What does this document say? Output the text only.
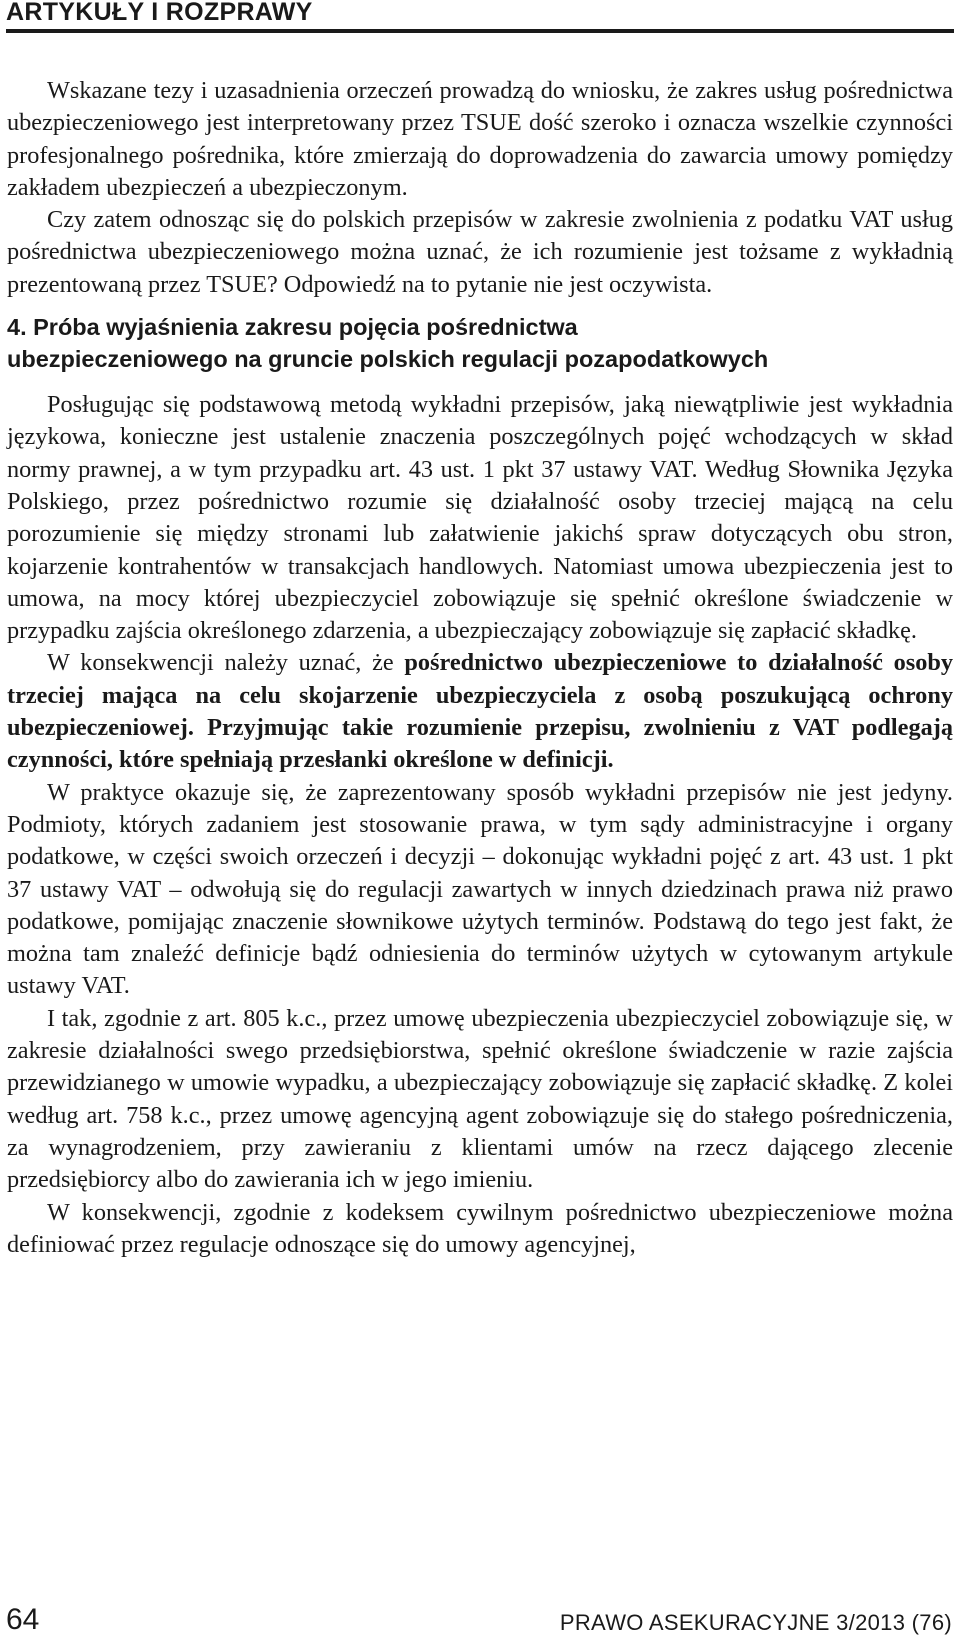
ARTYKUŁY I ROZPRAWY

Wskazane tezy i uzasadnienia orzeczeń prowadzą do wniosku, że zakres usług pośrednictwa ubezpieczeniowego jest interpretowany przez TSUE dość szeroko i oznacza wszelkie czynności profesjonalnego pośrednika, które zmierzają do doprowadzenia do zawarcia umowy pomiędzy zakładem ubezpieczeń a ubezpieczonym.

Czy zatem odnosząc się do polskich przepisów w zakresie zwolnienia z podatku VAT usług pośrednictwa ubezpieczeniowego można uznać, że ich rozumienie jest tożsame z wykładnią prezentowaną przez TSUE? Odpowiedź na to pytanie nie jest oczywista.

4. Próba wyjaśnienia zakresu pojęcia pośrednictwa
ubezpieczeniowego na gruncie polskich regulacji pozapodatkowych

Posługując się podstawową metodą wykładni przepisów, jaką niewątpliwie jest wykładnia językowa, konieczne jest ustalenie znaczenia poszczególnych pojęć wchodzących w skład normy prawnej, a w tym przypadku art. 43 ust. 1 pkt 37 ustawy VAT. Według Słownika Języka Polskiego, przez pośrednictwo rozumie się działalność osoby trzeciej mającą na celu porozumienie się między stronami lub załatwienie jakichś spraw dotyczących obu stron, kojarzenie kontrahentów w transakcjach handlowych. Natomiast umowa ubezpieczenia jest to umowa, na mocy której ubezpieczyciel zobowiązuje się spełnić określone świadczenie w przypadku zajścia określonego zdarzenia, a ubezpieczający zobowiązuje się zapłacić składkę.

W konsekwencji należy uznać, że pośrednictwo ubezpieczeniowe to działalność osoby trzeciej mająca na celu skojarzenie ubezpieczyciela z osobą poszukującą ochrony ubezpieczeniowej. Przyjmując takie rozumienie przepisu, zwolnieniu z VAT podlegają czynności, które spełniają przesłanki określone w definicji.

W praktyce okazuje się, że zaprezentowany sposób wykładni przepisów nie jest jedyny. Podmioty, których zadaniem jest stosowanie prawa, w tym sądy administracyjne i organy podatkowe, w części swoich orzeczeń i decyzji – dokonując wykładni pojęć z art. 43 ust. 1 pkt 37 ustawy VAT – odwołują się do regulacji zawartych w innych dziedzinach prawa niż prawo podatkowe, pomijając znaczenie słownikowe użytych terminów. Podstawą do tego jest fakt, że można tam znaleźć definicje bądź odniesienia do terminów użytych w cytowanym artykule ustawy VAT.

I tak, zgodnie z art. 805 k.c., przez umowę ubezpieczenia ubezpieczyciel zobowiązuje się, w zakresie działalności swego przedsiębiorstwa, spełnić określone świadczenie w razie zajścia przewidzianego w umowie wypadku, a ubezpieczający zobowiązuje się zapłacić składkę. Z kolei według art. 758 k.c., przez umowę agencyjną agent zobowiązuje się do stałego pośredniczenia, za wynagrodzeniem, przy zawieraniu z klientami umów na rzecz dającego zlecenie przedsiębiorcy albo do zawierania ich w jego imieniu.

W konsekwencji, zgodnie z kodeksem cywilnym pośrednictwo ubezpieczeniowe można definiować przez regulacje odnoszące się do umowy agencyjnej,

64	PRAWO ASEKURACYJNE 3/2013 (76)
